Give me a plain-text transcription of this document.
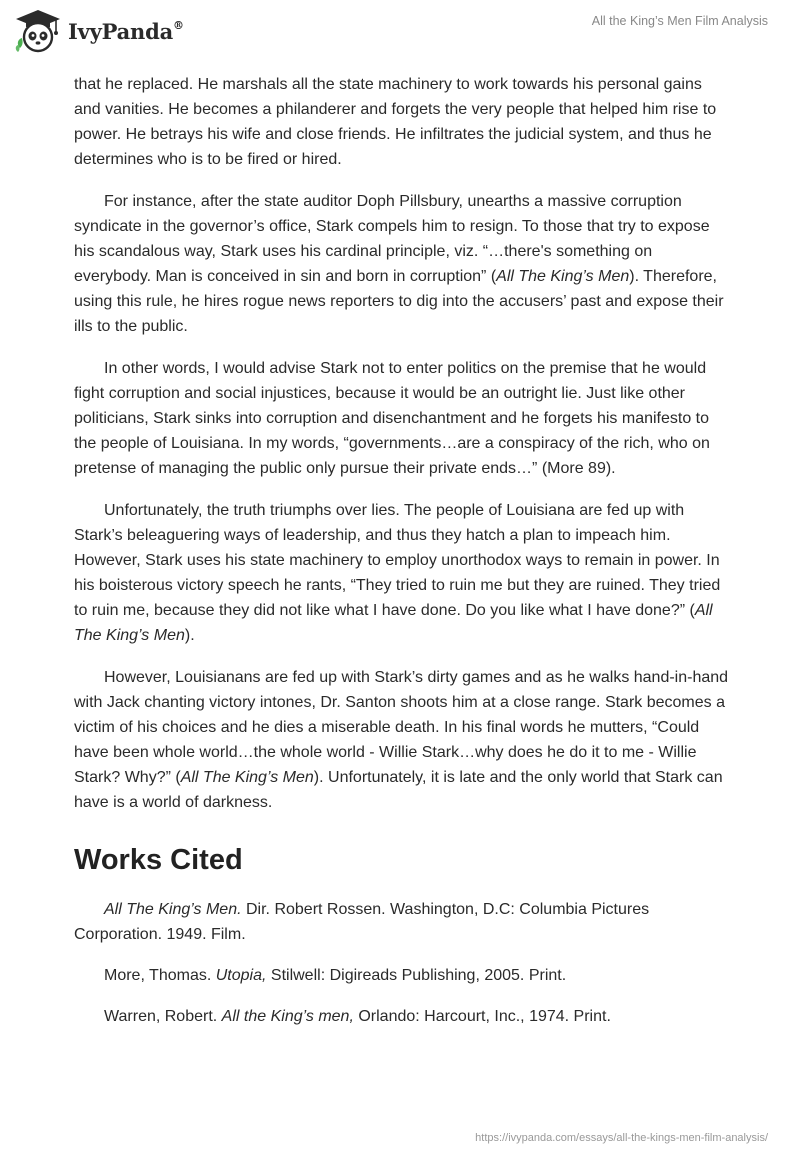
IvyPanda®	All the King’s Men Film Analysis

that he replaced. He marshals all the state machinery to work towards his personal gains and vanities. He becomes a philanderer and forgets the very people that helped him rise to power. He betrays his wife and close friends. He infiltrates the judicial system, and thus he determines who is to be fired or hired.

For instance, after the state auditor Doph Pillsbury, unearths a massive corruption syndicate in the governor’s office, Stark compels him to resign. To those that try to expose his scandalous way, Stark uses his cardinal principle, viz. “…there's something on everybody. Man is conceived in sin and born in corruption” (All The King’s Men). Therefore, using this rule, he hires rogue news reporters to dig into the accusers’ past and expose their ills to the public.

In other words, I would advise Stark not to enter politics on the premise that he would fight corruption and social injustices, because it would be an outright lie. Just like other politicians, Stark sinks into corruption and disenchantment and he forgets his manifesto to the people of Louisiana. In my words, “governments…are a conspiracy of the rich, who on pretense of managing the public only pursue their private ends…” (More 89).

Unfortunately, the truth triumphs over lies. The people of Louisiana are fed up with Stark’s beleaguering ways of leadership, and thus they hatch a plan to impeach him. However, Stark uses his state machinery to employ unorthodox ways to remain in power. In his boisterous victory speech he rants, “They tried to ruin me but they are ruined. They tried to ruin me, because they did not like what I have done. Do you like what I have done?” (All The King’s Men).

However, Louisianans are fed up with Stark’s dirty games and as he walks hand-in-hand with Jack chanting victory intones, Dr. Santon shoots him at a close range. Stark becomes a victim of his choices and he dies a miserable death. In his final words he mutters, “Could have been whole world…the whole world - Willie Stark…why does he do it to me - Willie Stark? Why?” (All The King’s Men). Unfortunately, it is late and the only world that Stark can have is a world of darkness.

Works Cited

All The King’s Men. Dir. Robert Rossen. Washington, D.C: Columbia Pictures Corporation. 1949. Film.

More, Thomas. Utopia, Stilwell: Digireads Publishing, 2005. Print.

Warren, Robert. All the King’s men, Orlando: Harcourt, Inc., 1974. Print.

https://ivypanda.com/essays/all-the-kings-men-film-analysis/
